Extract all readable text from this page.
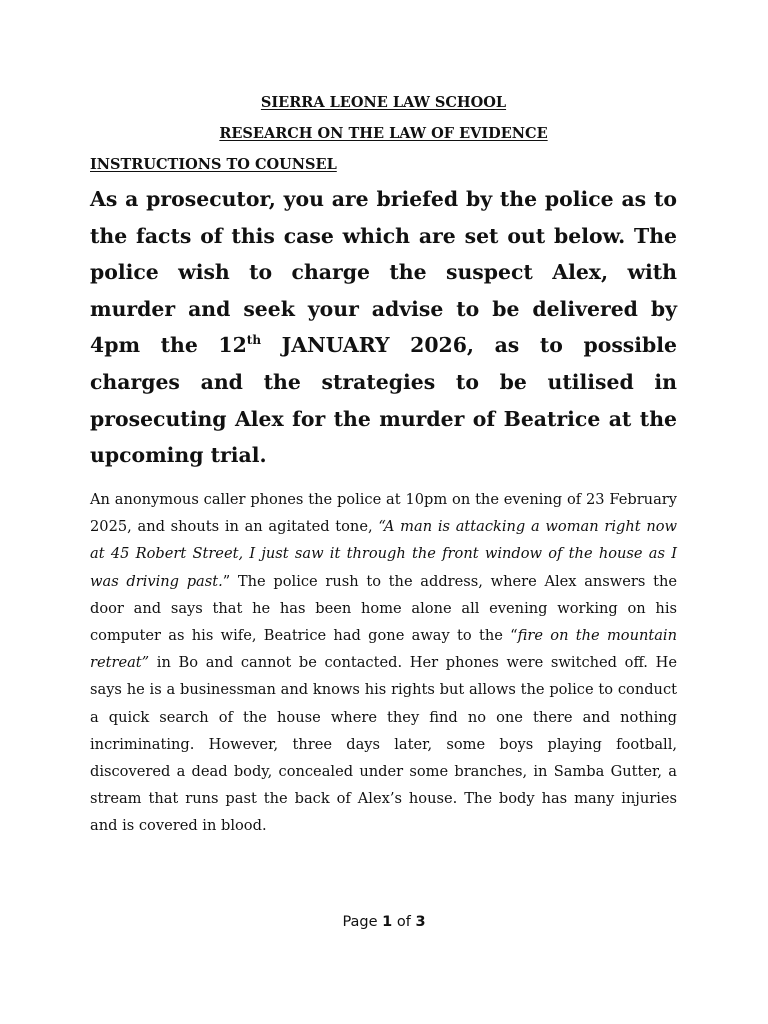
SIERRA LEONE LAW SCHOOL
RESEARCH ON THE LAW OF EVIDENCE
INSTRUCTIONS TO COUNSEL

As a prosecutor, you are briefed by the police as to the facts of this case which are set out below. The police wish to charge the suspect Alex, with murder and seek your advise to be delivered by 4pm the 12th JANUARY 2026, as to possible charges and the strategies to be utilised in prosecuting Alex for the murder of Beatrice at the upcoming trial.

An anonymous caller phones the police at 10pm on the evening of 23 February 2025, and shouts in an agitated tone, “A man is attacking a woman right now at 45 Robert Street, I just saw it through the front window of the house as I was driving past.” The police rush to the address, where Alex answers the door and says that he has been home alone all evening working on his computer as his wife, Beatrice had gone away to the “fire on the mountain retreat” in Bo and cannot be contacted. Her phones were switched off. He says he is a businessman and knows his rights but allows the police to conduct a quick search of the house where they find no one there and nothing incriminating. However, three days later, some boys playing football, discovered a dead body, concealed under some branches, in Samba Gutter, a stream that runs past the back of Alex’s house. The body has many injuries and is covered in blood.

Page 1 of 3
